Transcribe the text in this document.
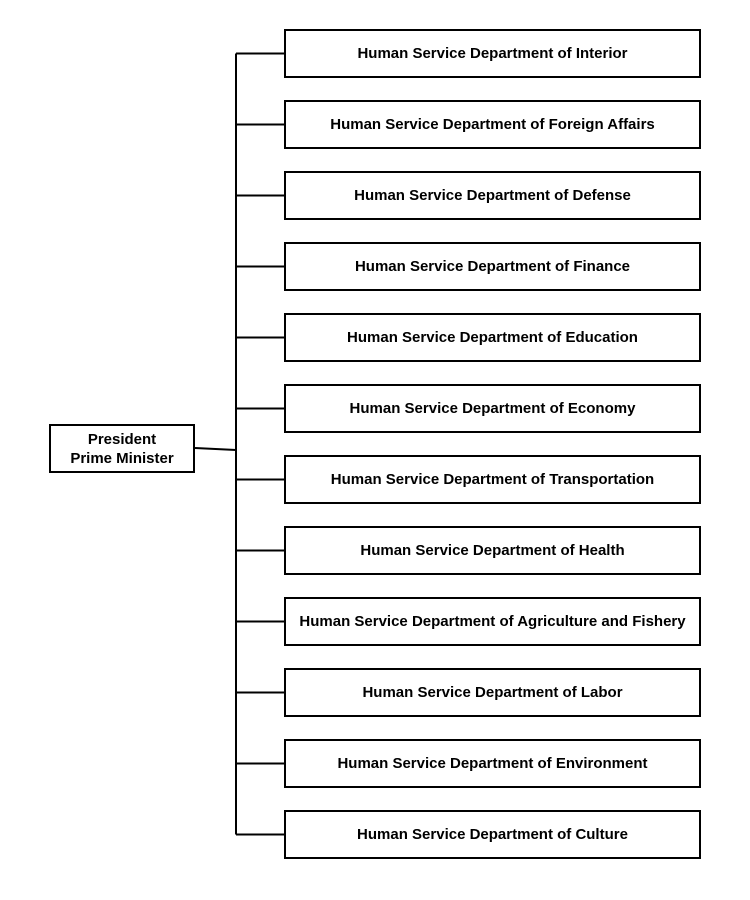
President
Prime Minister
Human Service Department of Interior
Human Service Department of Foreign Affairs
Human Service Department of Defense
Human Service Department of Finance
Human Service Department of Education
Human Service Department of Economy
Human Service Department of Transportation
Human Service Department of Health
Human Service Department of Agriculture and Fishery
Human Service Department of Labor
Human Service Department of Environment
Human Service Department of Culture
